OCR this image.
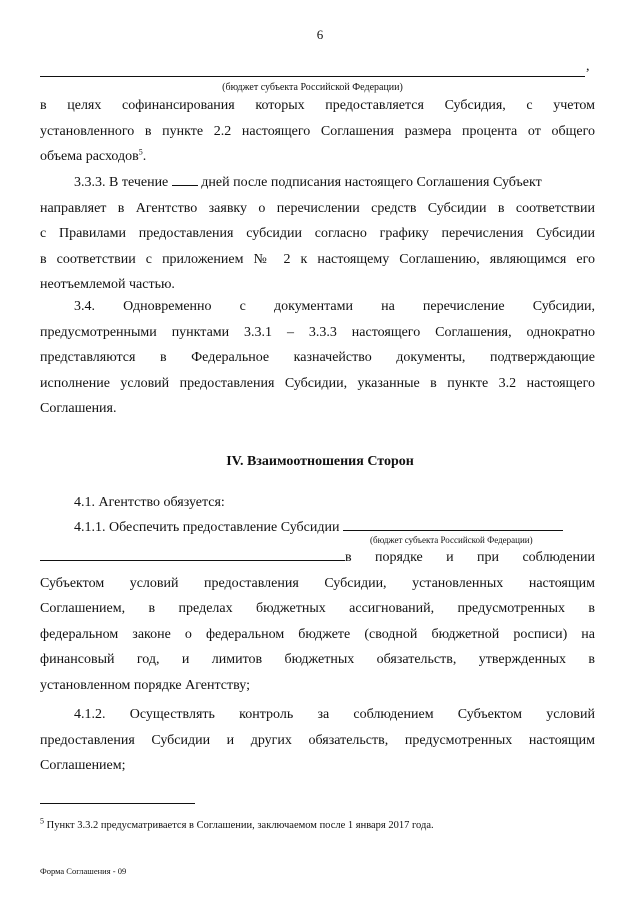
6
,
(бюджет субъекта Российской Федерации)
в целях софинансирования которых предоставляется Субсидия, с учетом
установленного в пункте 2.2 настоящего Соглашения размера процента от общего
объема расходов$^5$.
3.3.3. В течение дней после подписания настоящего Соглашения Субъект
направляет в Агентство заявку о перечислении средств Субсидии в соответствии
с Правилами предоставления субсидии согласно графику перечисления Субсидии
в соответствии с приложением № 2 к настоящему Соглашению, являющимся его
неотъемлемой частью.
3.4. Одновременно с документами на перечисление Субсидии,
предусмотренными пунктами 3.3.1 – 3.3.3 настоящего Соглашения, однократно
представляются в Федеральное казначейство документы, подтверждающие
исполнение условий предоставления Субсидии, указанные в пункте 3.2 настоящего
Соглашения.
IV. Взаимоотношения Сторон
4.1. Агентство обязуется:
4.1.1. Обеспечить предоставление Субсидии
(бюджет субъекта Российской Федерации)
в порядке и при соблюдении
Субъектом условий предоставления Субсидии, установленных настоящим
Соглашением, в пределах бюджетных ассигнований, предусмотренных в
федеральном законе о федеральном бюджете (сводной бюджетной росписи) на
финансовый год, и лимитов бюджетных обязательств, утвержденных в
установленном порядке Агентству;
4.1.2. Осуществлять контроль за соблюдением Субъектом условий
предоставления Субсидии и других обязательств, предусмотренных настоящим
Соглашением;
$^5$ Пункт 3.3.2 предусматривается в Соглашении, заключаемом после 1 января 2017 года.
Форма Соглашения - 09
